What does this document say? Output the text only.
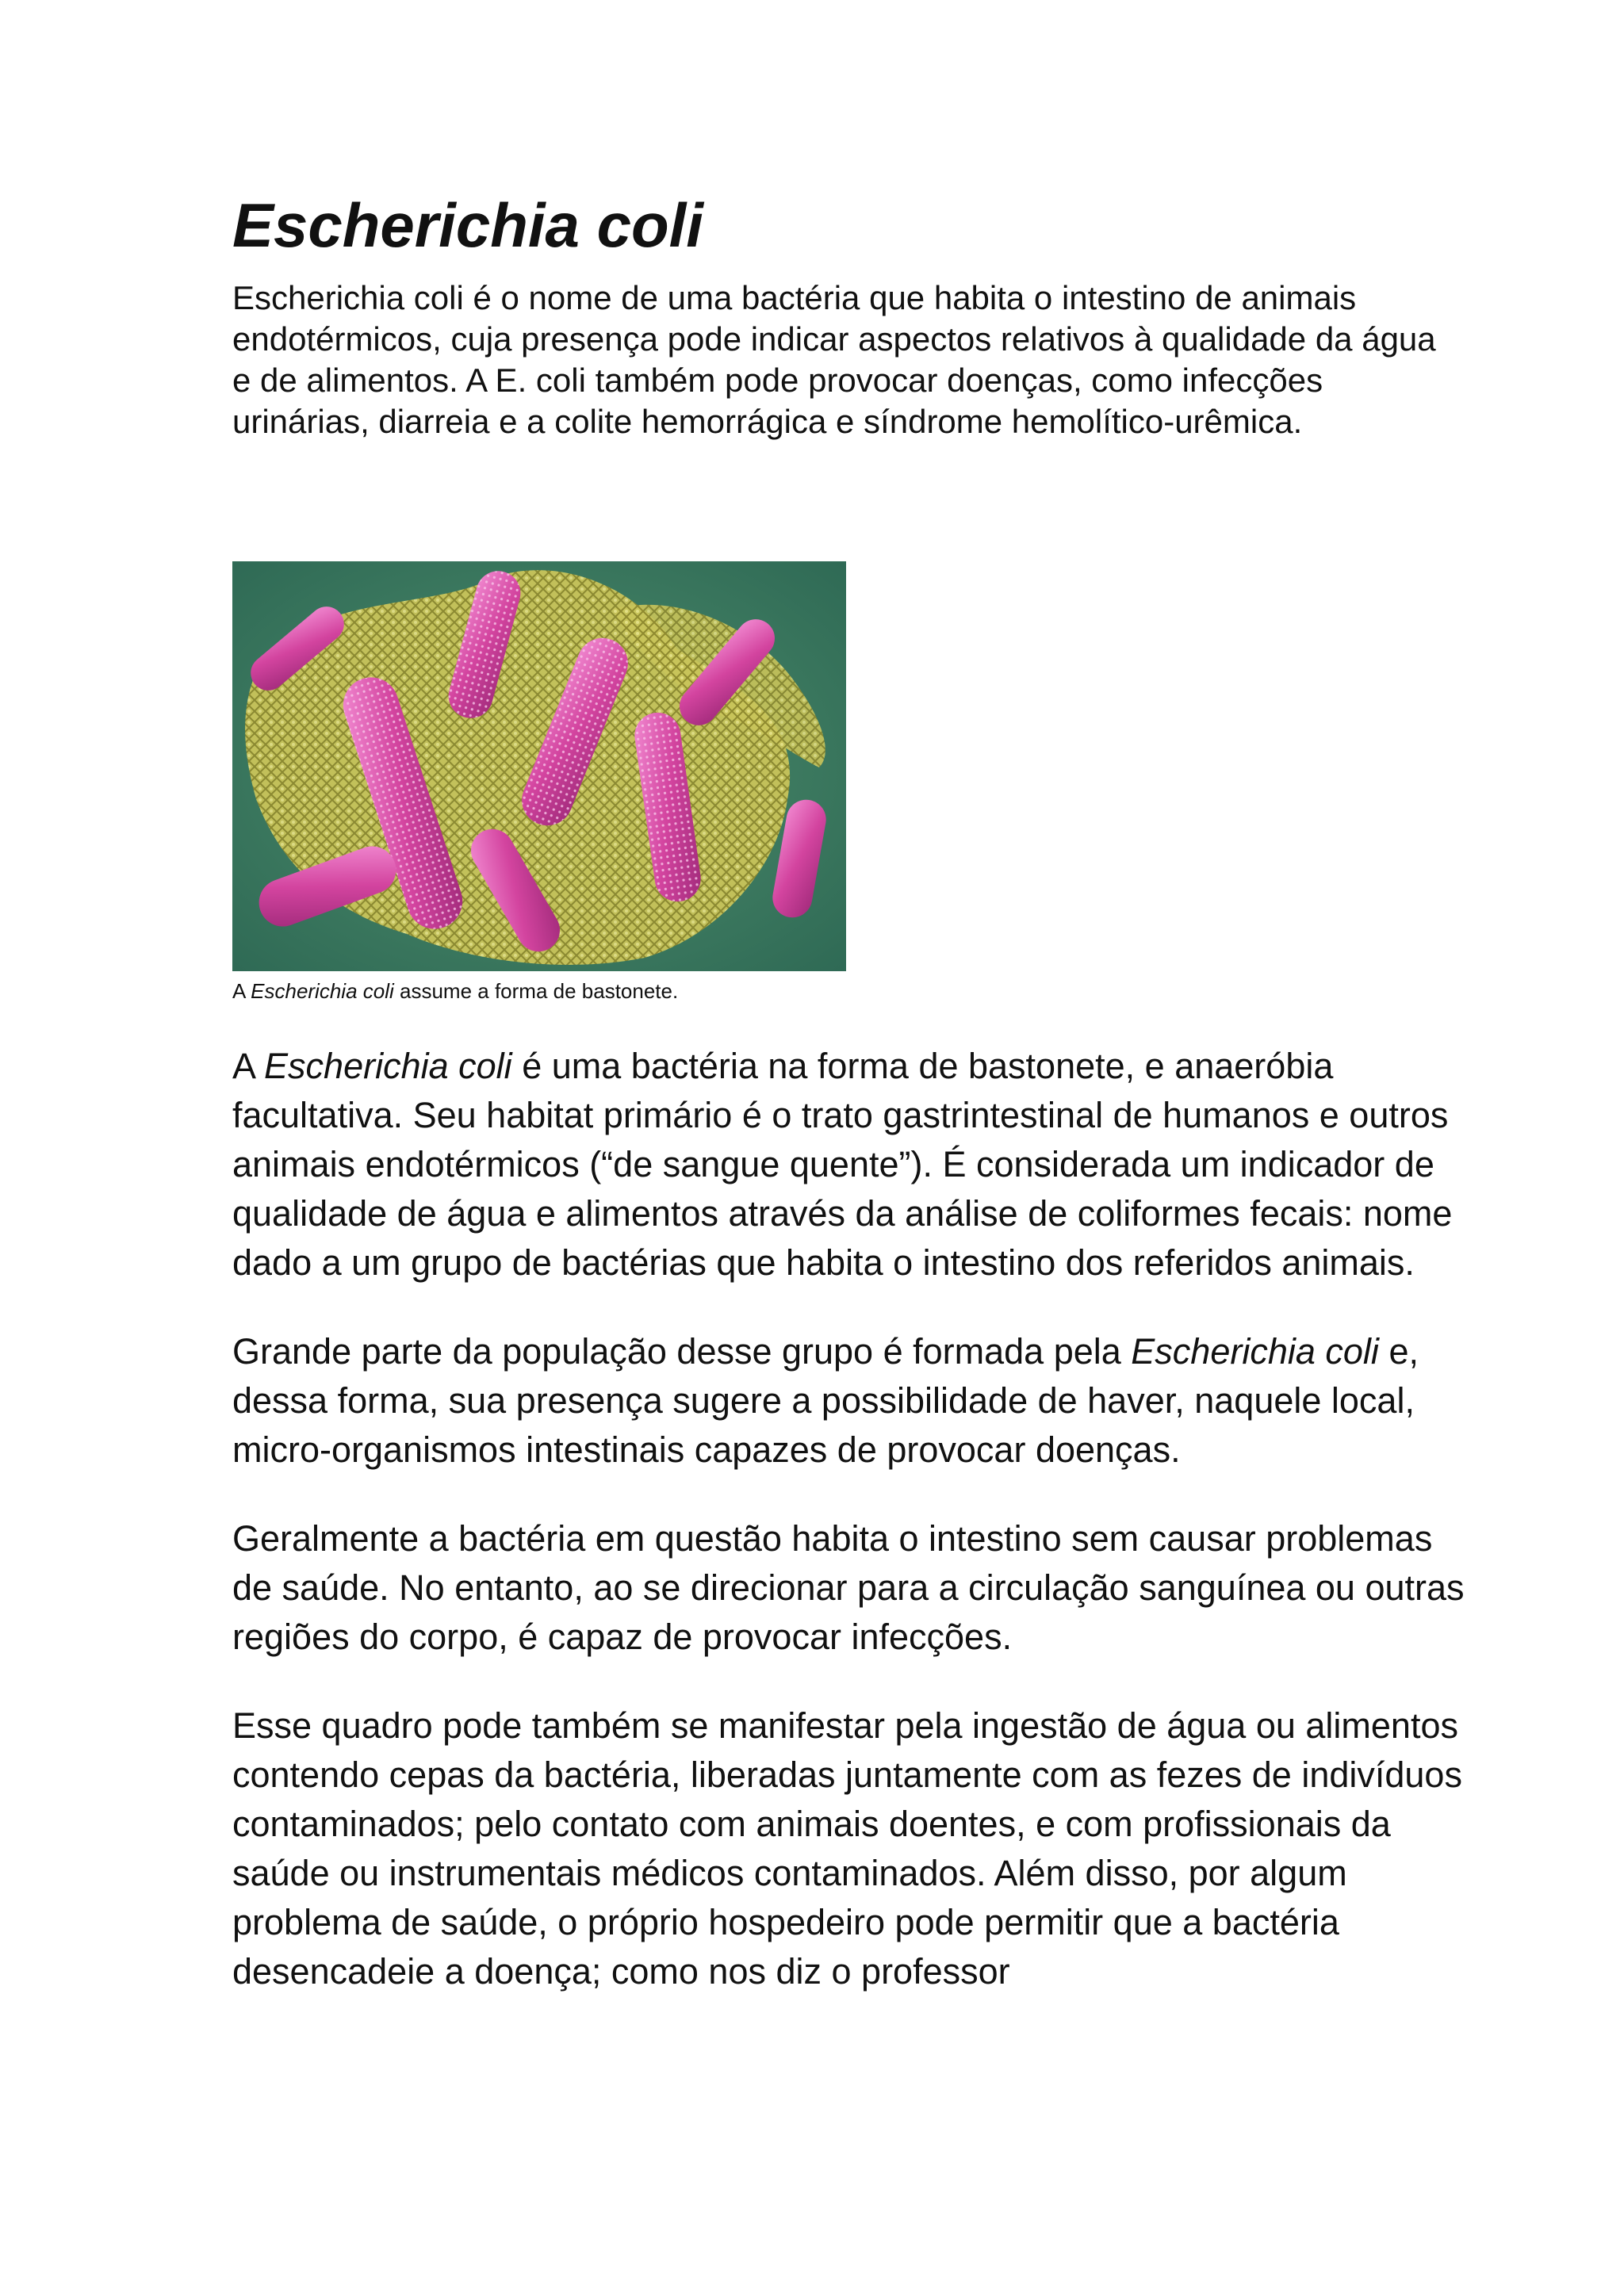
Escherichia coli

Escherichia coli é o nome de uma bactéria que habita o intestino de animais endotérmicos, cuja presença pode indicar aspectos relativos à qualidade da água e de alimentos. A E. coli também pode provocar doenças, como infecções urinárias, diarreia e a colite hemorrágica e síndrome hemolítico-urêmica.

A Escherichia coli assume a forma de bastonete.

A Escherichia coli é uma bactéria na forma de bastonete, e anaeróbia facultativa. Seu habitat primário é o trato gastrintestinal de humanos e outros animais endotérmicos (“de sangue quente”). É considerada um indicador de qualidade de água e alimentos através da análise de coliformes fecais: nome dado a um grupo de bactérias que habita o intestino dos referidos animais.

Grande parte da população desse grupo é formada pela Escherichia coli e, dessa forma, sua presença sugere a possibilidade de haver, naquele local, micro-organismos intestinais capazes de provocar doenças.

Geralmente a bactéria em questão habita o intestino sem causar problemas de saúde. No entanto, ao se direcionar para a circulação sanguínea ou outras regiões do corpo, é capaz de provocar infecções.

Esse quadro pode também se manifestar pela ingestão de água ou alimentos contendo cepas da bactéria, liberadas juntamente com as fezes de indivíduos contaminados; pelo contato com animais doentes, e com profissionais da saúde ou instrumentais médicos contaminados. Além disso, por algum problema de saúde, o próprio hospedeiro pode permitir que a bactéria desencadeie a doença; como nos diz o professor
